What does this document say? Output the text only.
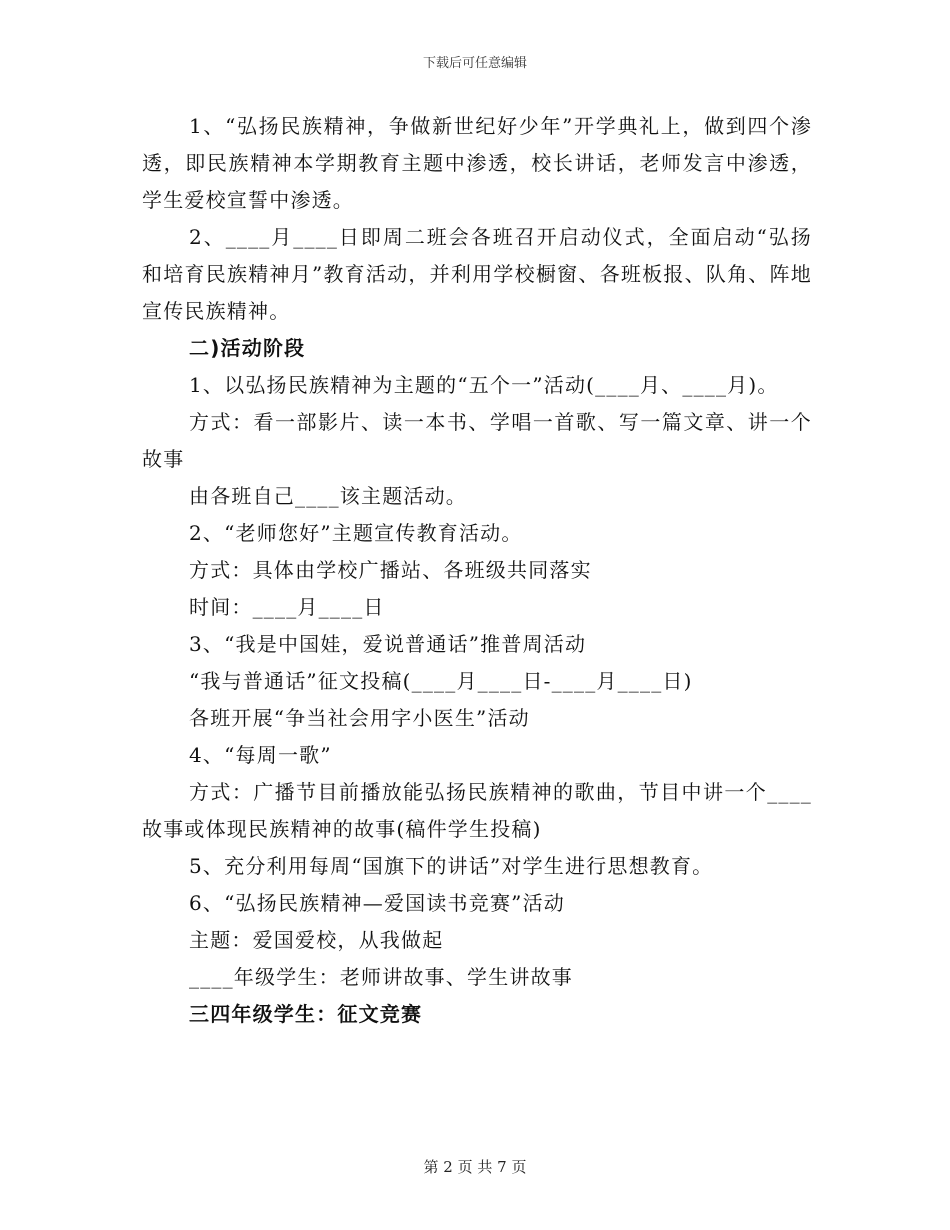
下载后可任意编辑

1、“弘扬民族精神，争做新世纪好少年”开学典礼上，做到四个渗透，即民族精神本学期教育主题中渗透，校长讲话，老师发言中渗透，学生爱校宣誓中渗透。

2、____月____日即周二班会各班召开启动仪式，全面启动“弘扬和培育民族精神月”教育活动，并利用学校橱窗、各班板报、队角、阵地宣传民族精神。

二)活动阶段

1、以弘扬民族精神为主题的“五个一”活动(____月、____月)。

方式：看一部影片、读一本书、学唱一首歌、写一篇文章、讲一个故事

由各班自己____该主题活动。

2、“老师您好”主题宣传教育活动。

方式：具体由学校广播站、各班级共同落实

时间：____月____日

3、“我是中国娃，爱说普通话”推普周活动

“我与普通话”征文投稿(____月____日-____月____日)

各班开展“争当社会用字小医生”活动

4、“每周一歌”

方式：广播节目前播放能弘扬民族精神的歌曲，节目中讲一个____故事或体现民族精神的故事(稿件学生投稿)

5、充分利用每周“国旗下的讲话”对学生进行思想教育。

6、“弘扬民族精神—爱国读书竞赛”活动

主题：爱国爱校，从我做起

____年级学生：老师讲故事、学生讲故事

三四年级学生：征文竞赛

第 2 页 共 7 页
